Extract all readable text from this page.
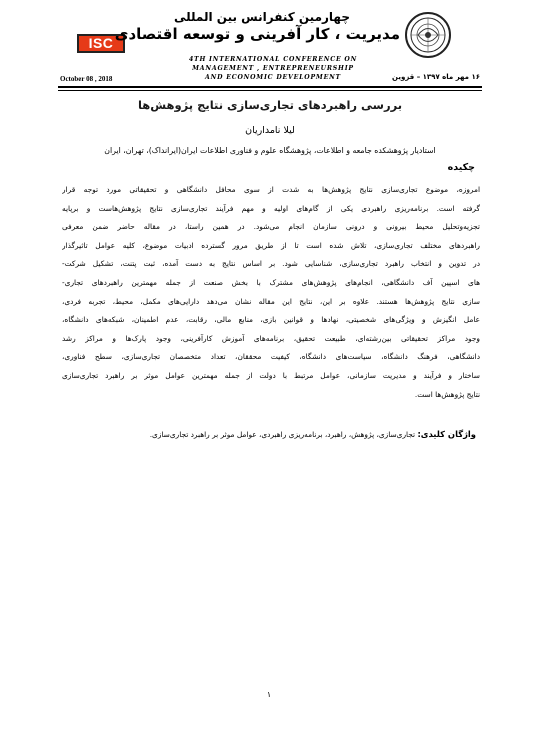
ISC
چهارمین کنفرانس بین المللی
مدیریت ، کار آفرینی و توسعه اقتصادی
4TH INTERNATIONAL CONFERENCE ON
MANAGEMENT , ENTREPRENEURSHIP
AND ECONOMIC DEVELOPMENT
October 08 , 2018	۱۶ مهر ماه ۱۳۹۷ – قزوین
بررسی راهبردهای تجاری‌سازی نتایج پژوهش‌ها
لیلا نامداریان
استادیار پژوهشکده جامعه و اطلاعات، پژوهشگاه علوم و فناوری اطلاعات ایران(ایرانداک)، تهران، ایران
چکیده
امروزه، موضوع تجاری‌سازی نتایج پژوهش‌ها به شدت از سوی محافل دانشگاهی و تحقیقاتی مورد توجه قرار
گرفته است. برنامه‌ریزی راهبردی یکی از گام‌های اولیه و مهم فرآیند تجاری‌سازی نتایج پژوهش‌هاست و برپایه
تجزیه‌وتحلیل محیط بیرونی و درونی سازمان انجام می‌شود. در همین راستا، در مقاله حاضر ضمن معرفی
راهبردهای مختلف تجاری‌سازی، تلاش شده است تا از طریق مرور گسترده ادبیات موضوع، کلیه عوامل تاثیرگذار
در تدوین و انتخاب راهبرد تجاری‌سازی، شناسایی شود. بر اساس نتایج به دست آمده، ثبت پتنت، تشکیل شرکت-
های اسپین آف دانشگاهی، انجام‌های پژوهش‌های مشترک با بخش صنعت از جمله مهمترین راهبردهای تجاری-
سازی نتایج پژوهش‌ها هستند. علاوه بر این، نتایج این مقاله نشان می‌دهد دارایی‌های مکمل، محیط، تجربه فردی،
عامل انگیزش و ویژگی‌های شخصیتی، نهادها و قوانین بازی، منابع مالی، رقابت، عدم اطمینان، شبکه‌های دانشگاه،
وجود مراکز تحقیقاتی بین‌رشته‌ای، طبیعت تحقیق، برنامه‌های آموزش کارآفرینی، وجود پارک‌ها و مراکز رشد
دانشگاهی، فرهنگ دانشگاه، سیاست‌های دانشگاه، کیفیت محققان، تعداد متخصصان تجاری‌سازی، سطح فناوری،
ساختار و فرآیند و مدیریت سازمانی، عوامل مرتبط با دولت از جمله مهمترین عوامل موثر بر راهبرد تجاری‌سازی
نتایج پژوهش‌ها است.
واژگان کلیدی: تجاری‌سازی، پژوهش، راهبرد، برنامه‌ریزی راهبردی، عوامل موثر بر راهبرد تجاری‌سازی.
۱
